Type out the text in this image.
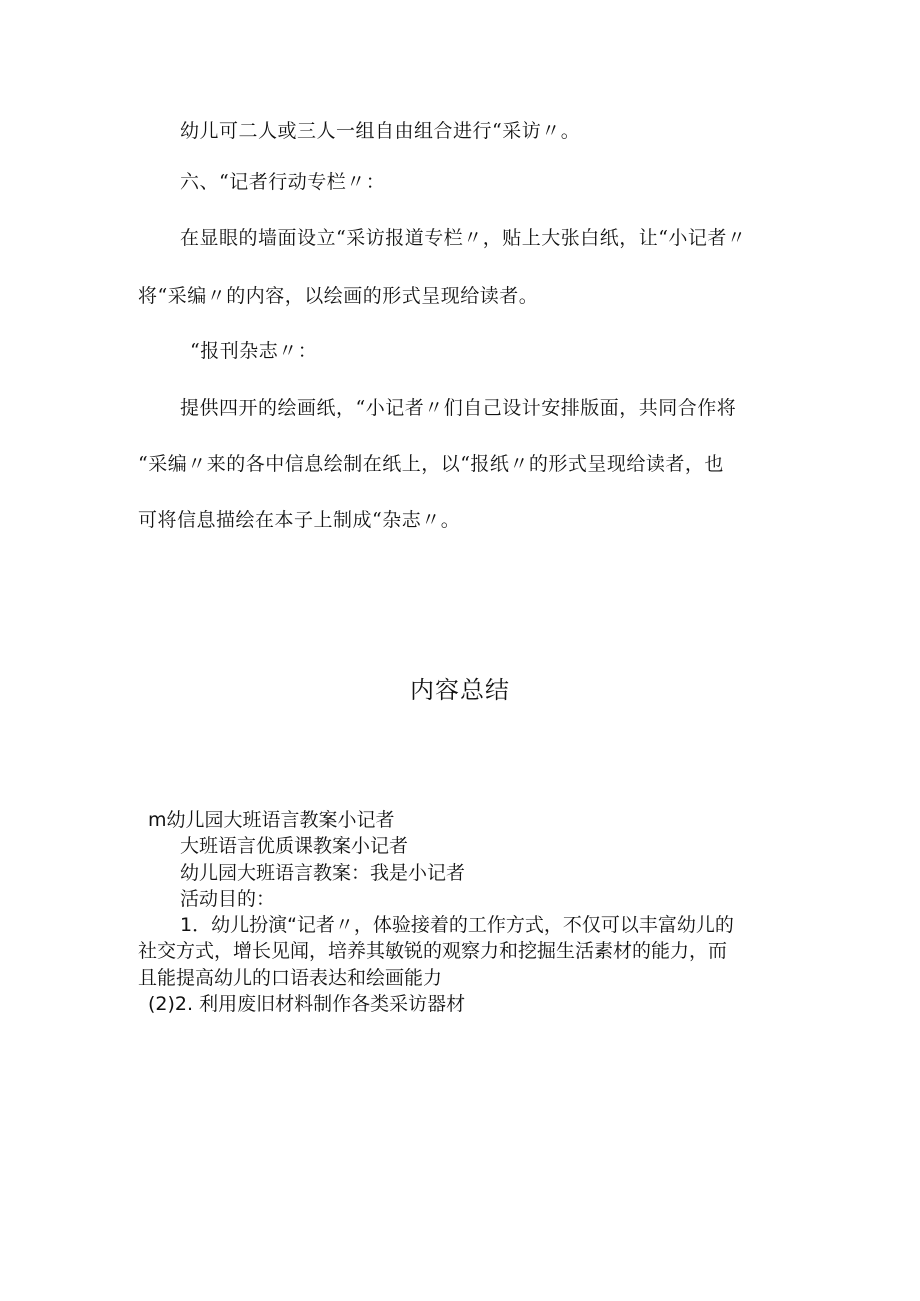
幼儿可二人或三人一组自由组合进行“采访〃。
六、“记者行动专栏〃：
在显眼的墙面设立“采访报道专栏〃，贴上大张白纸，让“小记者〃
将“采编〃的内容，以绘画的形式呈现给读者。
“报刊杂志〃：
提供四开的绘画纸，“小记者〃们自己设计安排版面，共同合作将
“采编〃来的各中信息绘制在纸上，以“报纸〃的形式呈现给读者，也
可将信息描绘在本子上制成“杂志〃。
内容总结
m幼儿园大班语言教案小记者
大班语言优质课教案小记者
幼儿园大班语言教案：我是小记者
活动目的：
1．幼儿扮演“记者〃，体验接着的工作方式，不仅可以丰富幼儿的
社交方式，增长见闻，培养其敏锐的观察力和挖掘生活素材的能力，而
且能提高幼儿的口语表达和绘画能力
(2)2. 利用废旧材料制作各类采访器材
